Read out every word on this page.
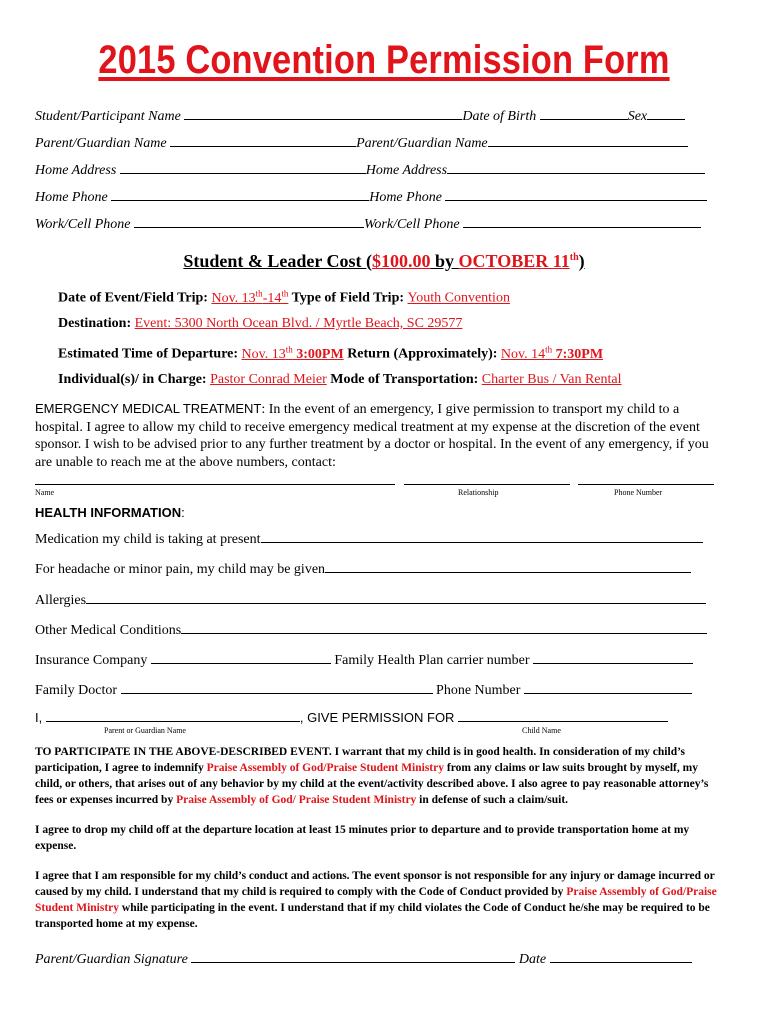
2015 Convention Permission Form
Student/Participant Name	Date of Birth	Sex
Parent/Guardian Name	Parent/Guardian Name
Home Address	Home Address
Home Phone	Home Phone
Work/Cell Phone	Work/Cell Phone
Student & Leader Cost ($100.00 by OCTOBER 11th)
Date of Event/Field Trip: Nov. 13th-14th Type of Field Trip: Youth Convention
Destination: Event: 5300 North Ocean Blvd. / Myrtle Beach, SC 29577
Estimated Time of Departure: Nov. 13th 3:00PM Return (Approximately): Nov. 14th 7:30PM
Individual(s)/ in Charge: Pastor Conrad Meier Mode of Transportation: Charter Bus / Van Rental
EMERGENCY MEDICAL TREATMENT: In the event of an emergency, I give permission to transport my child to a hospital. I agree to allow my child to receive emergency medical treatment at my expense at the discretion of the event sponsor. I wish to be advised prior to any further treatment by a doctor or hospital. In the event of any emergency, if you are unable to reach me at the above numbers, contact:
Name	Relationship	Phone Number
HEALTH INFORMATION:
Medication my child is taking at present
For headache or minor pain, my child may be given
Allergies
Other Medical Conditions
Insurance Company	Family Health Plan carrier number
Family Doctor	Phone Number
I,	, GIVE PERMISSION FOR
Parent or Guardian Name	Child Name
TO PARTICIPATE IN THE ABOVE-DESCRIBED EVENT. I warrant that my child is in good health. In consideration of my child’s participation, I agree to indemnify Praise Assembly of God/Praise Student Ministry from any claims or law suits brought by myself, my child, or others, that arises out of any behavior by my child at the event/activity described above. I also agree to pay reasonable attorney’s fees or expenses incurred by Praise Assembly of God/ Praise Student Ministry in defense of such a claim/suit.
I agree to drop my child off at the departure location at least 15 minutes prior to departure and to provide transportation home at my expense.
I agree that I am responsible for my child’s conduct and actions. The event sponsor is not responsible for any injury or damage incurred or caused by my child. I understand that my child is required to comply with the Code of Conduct provided by Praise Assembly of God/Praise Student Ministry while participating in the event. I understand that if my child violates the Code of Conduct he/she may be required to be transported home at my expense.
Parent/Guardian Signature	Date
